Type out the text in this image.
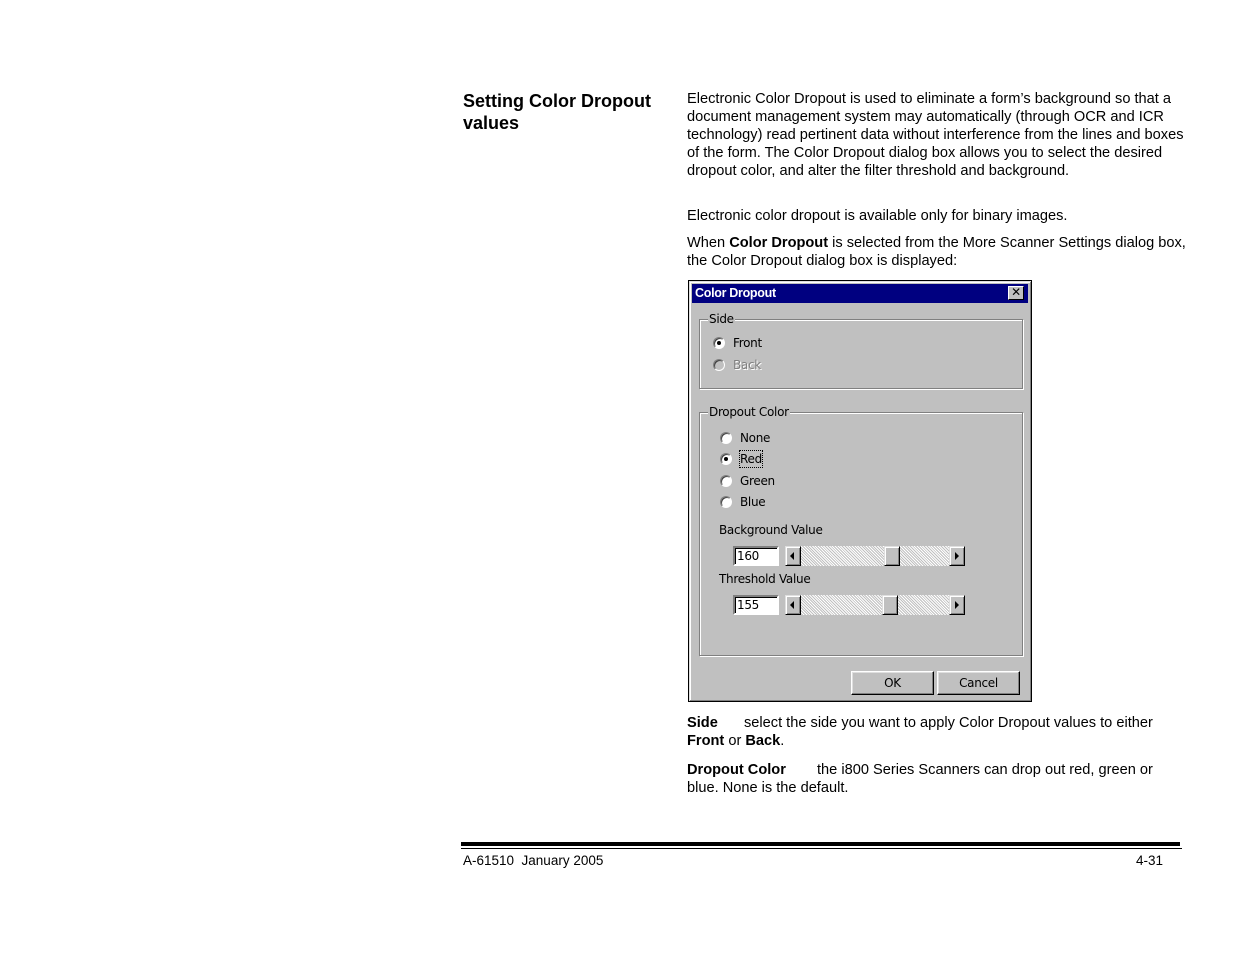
Setting Color Dropout values
Electronic Color Dropout is used to eliminate a form’s background so that a document management system may automatically (through OCR and ICR technology) read pertinent data without interference from the lines and boxes of the form. The Color Dropout dialog box allows you to select the desired dropout color, and alter the filter threshold and background.
Electronic color dropout is available only for binary images.
When Color Dropout is selected from the More Scanner Settings dialog box, the Color Dropout dialog box is displayed:
Color Dropout	✕
Side
Front
Back
Dropout Color
None
Red
Green
Blue
Background Value
160
Threshold Value
155
OK	Cancel
Side select the side you want to apply Color Dropout values to either Front or Back.
Dropout Color the i800 Series Scanners can drop out red, green or blue. None is the default.
A-61510  January 2005	4-31
